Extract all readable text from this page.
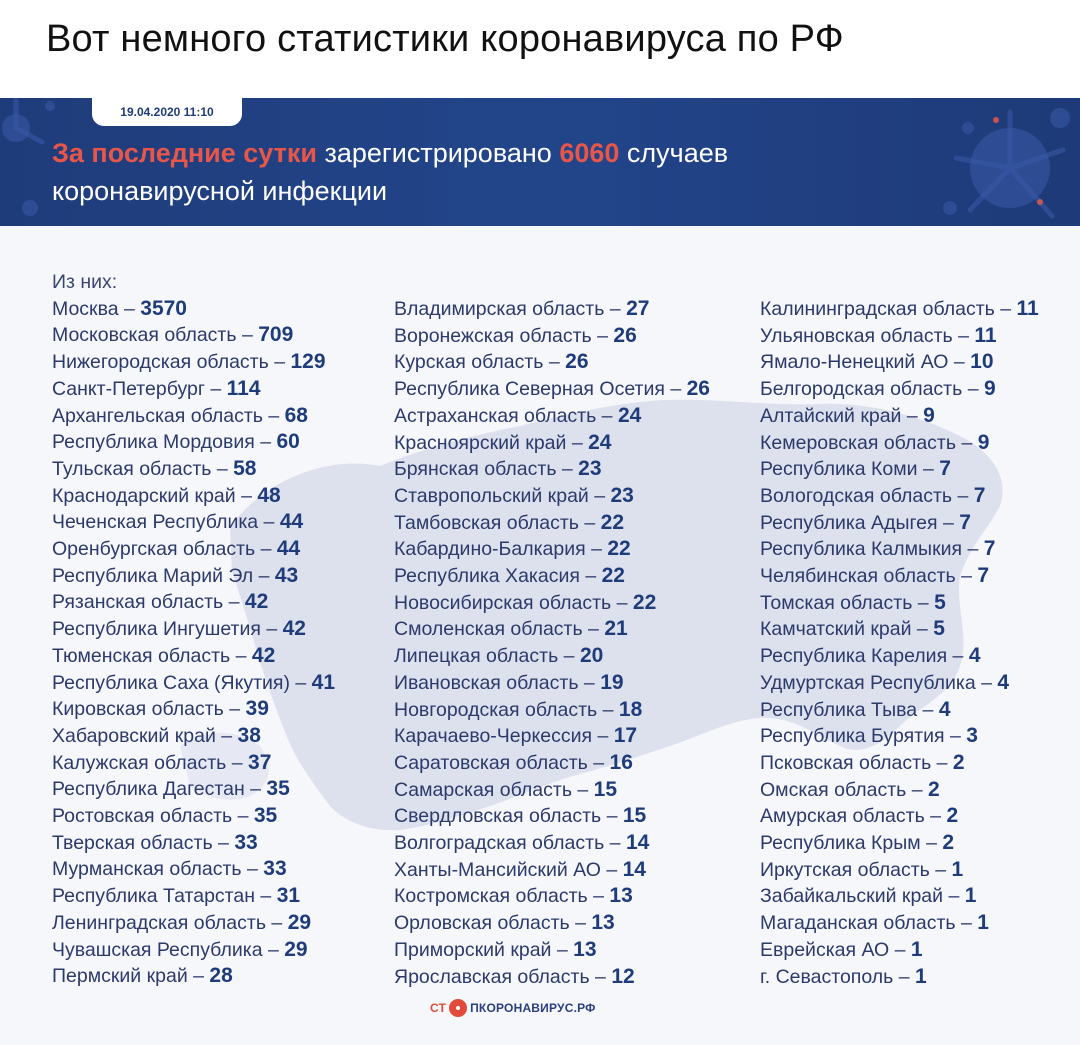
Вот немного статистики коронавируса по РФ
19.04.2020 11:10
За последние сутки зарегистрировано 6060 случаев
коронавирусной инфекции
Из них:
Москва – 3570
Московская область – 709
Нижегородская область – 129
Санкт-Петербург – 114
Архангельская область – 68
Республика Мордовия – 60
Тульская область – 58
Краснодарский край – 48
Чеченская Республика – 44
Оренбургская область – 44
Республика Марий Эл – 43
Рязанская область – 42
Республика Ингушетия – 42
Тюменская область – 42
Республика Саха (Якутия) – 41
Кировская область – 39
Хабаровский край – 38
Калужская область – 37
Республика Дагестан – 35
Ростовская область – 35
Тверская область – 33
Мурманская область – 33
Республика Татарстан – 31
Ленинградская область – 29
Чувашская Республика – 29
Пермский край – 28
Владимирская область – 27
Воронежская область – 26
Курская область – 26
Республика Северная Осетия – 26
Астраханская область – 24
Красноярский край – 24
Брянская область – 23
Ставропольский край – 23
Тамбовская область – 22
Кабардино-Балкария – 22
Республика Хакасия – 22
Новосибирская область – 22
Смоленская область – 21
Липецкая область – 20
Ивановская область – 19
Новгородская область – 18
Карачаево-Черкессия – 17
Саратовская область – 16
Самарская область – 15
Свердловская область – 15
Волгоградская область – 14
Ханты-Мансийский АО – 14
Костромская область – 13
Орловская область – 13
Приморский край – 13
Ярославская область – 12
Калининградская область – 11
Ульяновская область – 11
Ямало-Ненецкий АО – 10
Белгородская область – 9
Алтайский край – 9
Кемеровская область – 9
Республика Коми – 7
Вологодская область – 7
Республика Адыгея – 7
Республика Калмыкия – 7
Челябинская область – 7
Томская область – 5
Камчатский край – 5
Республика Карелия – 4
Удмуртская Республика – 4
Республика Тыва – 4
Республика Бурятия – 3
Псковская область – 2
Омская область – 2
Амурская область – 2
Республика Крым – 2
Иркутская область – 1
Забайкальский край – 1
Магаданская область – 1
Еврейская АО – 1
г. Севастополь – 1
СТ ПКОРОНАВИРУС.РФ
